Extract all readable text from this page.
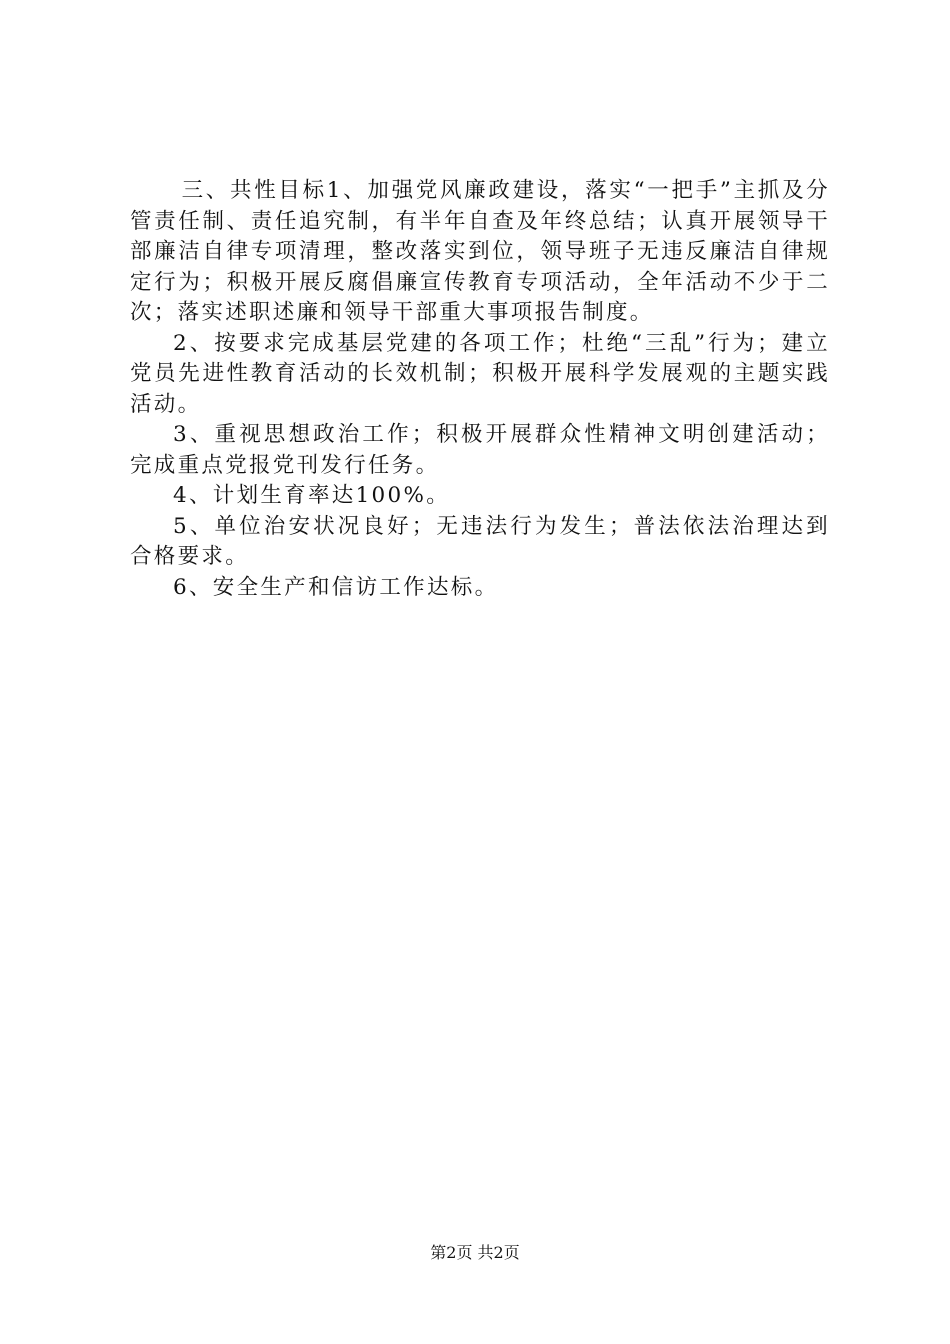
三、共性目标1、加强党风廉政建设，落实“一把手”主抓及分管责任制、责任追究制，有半年自查及年终总结；认真开展领导干部廉洁自律专项清理，整改落实到位，领导班子无违反廉洁自律规定行为；积极开展反腐倡廉宣传教育专项活动，全年活动不少于二次；落实述职述廉和领导干部重大事项报告制度。

2、按要求完成基层党建的各项工作；杜绝“三乱”行为；建立党员先进性教育活动的长效机制；积极开展科学发展观的主题实践活动。

3、重视思想政治工作；积极开展群众性精神文明创建活动；完成重点党报党刊发行任务。

4、计划生育率达100%。

5、单位治安状况良好；无违法行为发生；普法依法治理达到合格要求。

6、安全生产和信访工作达标。

第2页 共2页
